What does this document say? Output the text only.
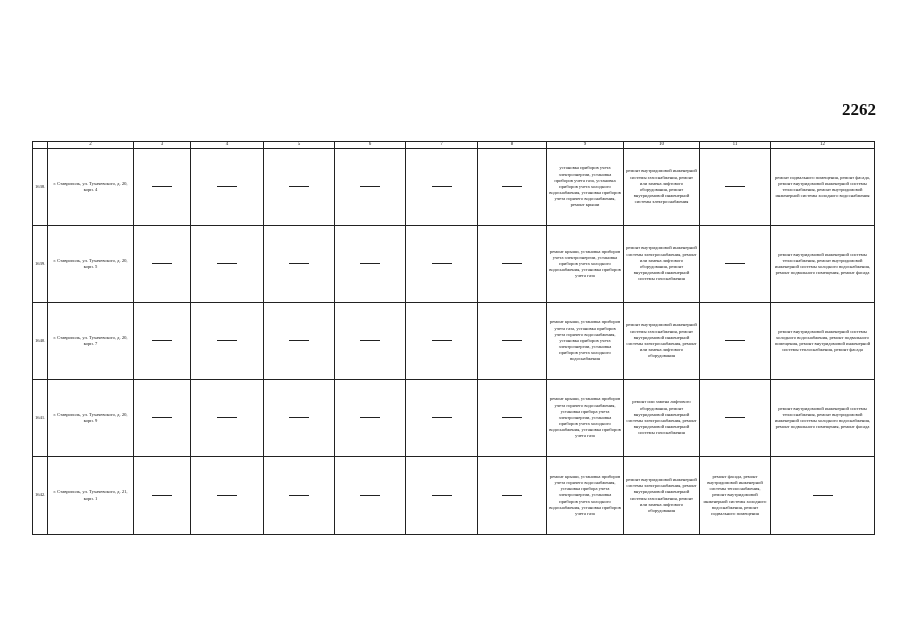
2262
	2	3	4	5	6	7	8	9	10	11	12
1638.	г. Ставрополь, ул. Тухачевского, д. 20, корп. 4							установка приборов учета электроэнергии, установка приборов учета газа, установка приборов учета холодного водоснабжения, установка приборов учета горячего водоснабжения, ремонт крыши	ремонт внутридомовой инженерной системы газоснабжения, ремонт или замена лифтового оборудования, ремонт внутридомовой инженерной системы электроснабжения		ремонт подвального помещения, ремонт фасада, ремонт внутридомовой инженерной системы теплоснабжения, ремонт внутридомовой инженерной системы холодного водоснабжения
1639.	г. Ставрополь, ул. Тухачевского, д. 20, корп. 5							ремонт крыши, установка приборов учета электроэнергии, установка приборов учета холодного водоснабжения, установка приборов учета газа	ремонт внутридомовой инженерной системы электроснабжения, ремонт или замена лифтового оборудования, ремонт внутридомовой инженерной системы газоснабжения		ремонт внутридомовой инженерной системы теплоснабжения, ремонт внутридомовой инженерной системы холодного водоснабжения, ремонт подвального помещения, ремонт фасада
1640.	г. Ставрополь, ул. Тухачевского, д. 20, корп. 7							ремонт крыши, установка приборов учета газа, установка приборов учета горячего водоснабжения, установка приборов учета электроэнергии, установка приборов учета холодного водоснабжения	ремонт внутридомовой инженерной системы газоснабжения, ремонт внутридомовой инженерной системы электроснабжения, ремонт или замена лифтового оборудования		ремонт внутридомовой инженерной системы холодного водоснабжения, ремонт подвального помещения, ремонт внутридомовой инженерной системы теплоснабжения, ремонт фасада
1641.	г. Ставрополь, ул. Тухачевского, д. 20, корп. 9							ремонт крыши, установка приборов учета горячего водоснабжения, установка прибора учета электроэнергии, установка приборов учета холодного водоснабжения, установка приборов учета газа	ремонт или замена лифтового оборудования, ремонт внутридомовой инженерной системы электроснабжения, ремонт внутридомовой инженерной системы газоснабжения		ремонт внутридомовой инженерной системы теплоснабжения, ремонт внутридомовой инженерной системы холодного водоснабжения, ремонт подвального помещения, ремонт фасада
1642.	г. Ставрополь, ул. Тухачевского, д. 21, корп. 1							ремонт крыши, установка приборов учета горячего водоснабжения, установка прибора учета электроэнергии, установка приборов учета холодного водоснабжения, установка приборов учета газа	ремонт внутридомовой инженерной системы электроснабжения, ремонт внутридомовой инженерной системы газоснабжения, ремонт или замена лифтового оборудования	ремонт фасада, ремонт внутридомовой инженерной системы теплоснабжения, ремонт внутридомовой инженерной системы холодного водоснабжения, ремонт подвального помещения	
